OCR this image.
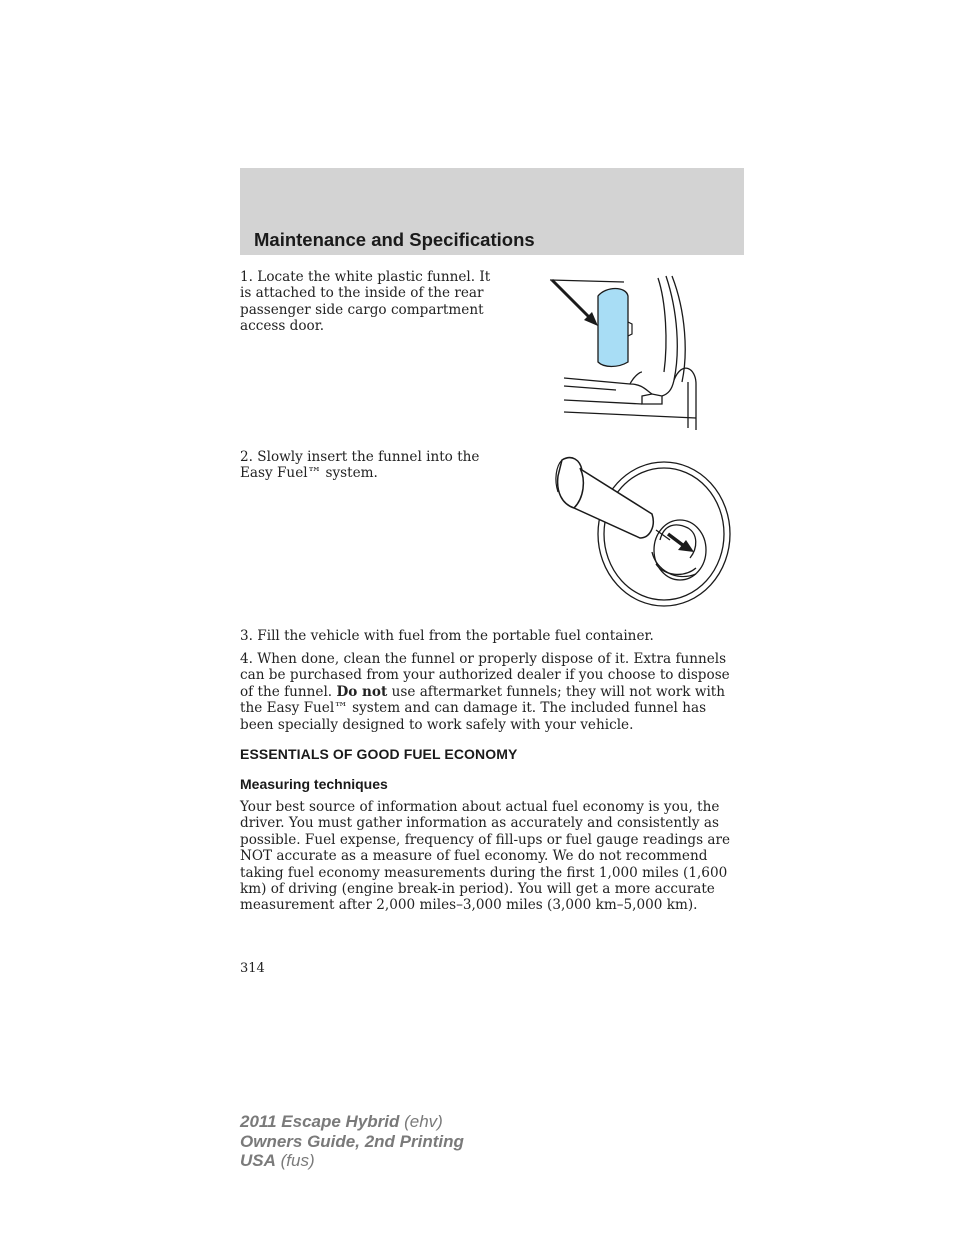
Maintenance and Specifications

1. Locate the white plastic funnel. It is attached to the inside of the rear passenger side cargo compartment access door.

2. Slowly insert the funnel into the Easy Fuel™ system.

3. Fill the vehicle with fuel from the portable fuel container.

4. When done, clean the funnel or properly dispose of it. Extra funnels can be purchased from your authorized dealer if you choose to dispose of the funnel. Do not use aftermarket funnels; they will not work with the Easy Fuel™ system and can damage it. The included funnel has been specially designed to work safely with your vehicle.

ESSENTIALS OF GOOD FUEL ECONOMY
Measuring techniques

Your best source of information about actual fuel economy is you, the driver. You must gather information as accurately and consistently as possible. Fuel expense, frequency of fill-ups or fuel gauge readings are NOT accurate as a measure of fuel economy. We do not recommend taking fuel economy measurements during the first 1,000 miles (1,600 km) of driving (engine break-in period). You will get a more accurate measurement after 2,000 miles–3,000 miles (3,000 km–5,000 km).

314
2011 Escape Hybrid (ehv)
Owners Guide, 2nd Printing
USA (fus)
